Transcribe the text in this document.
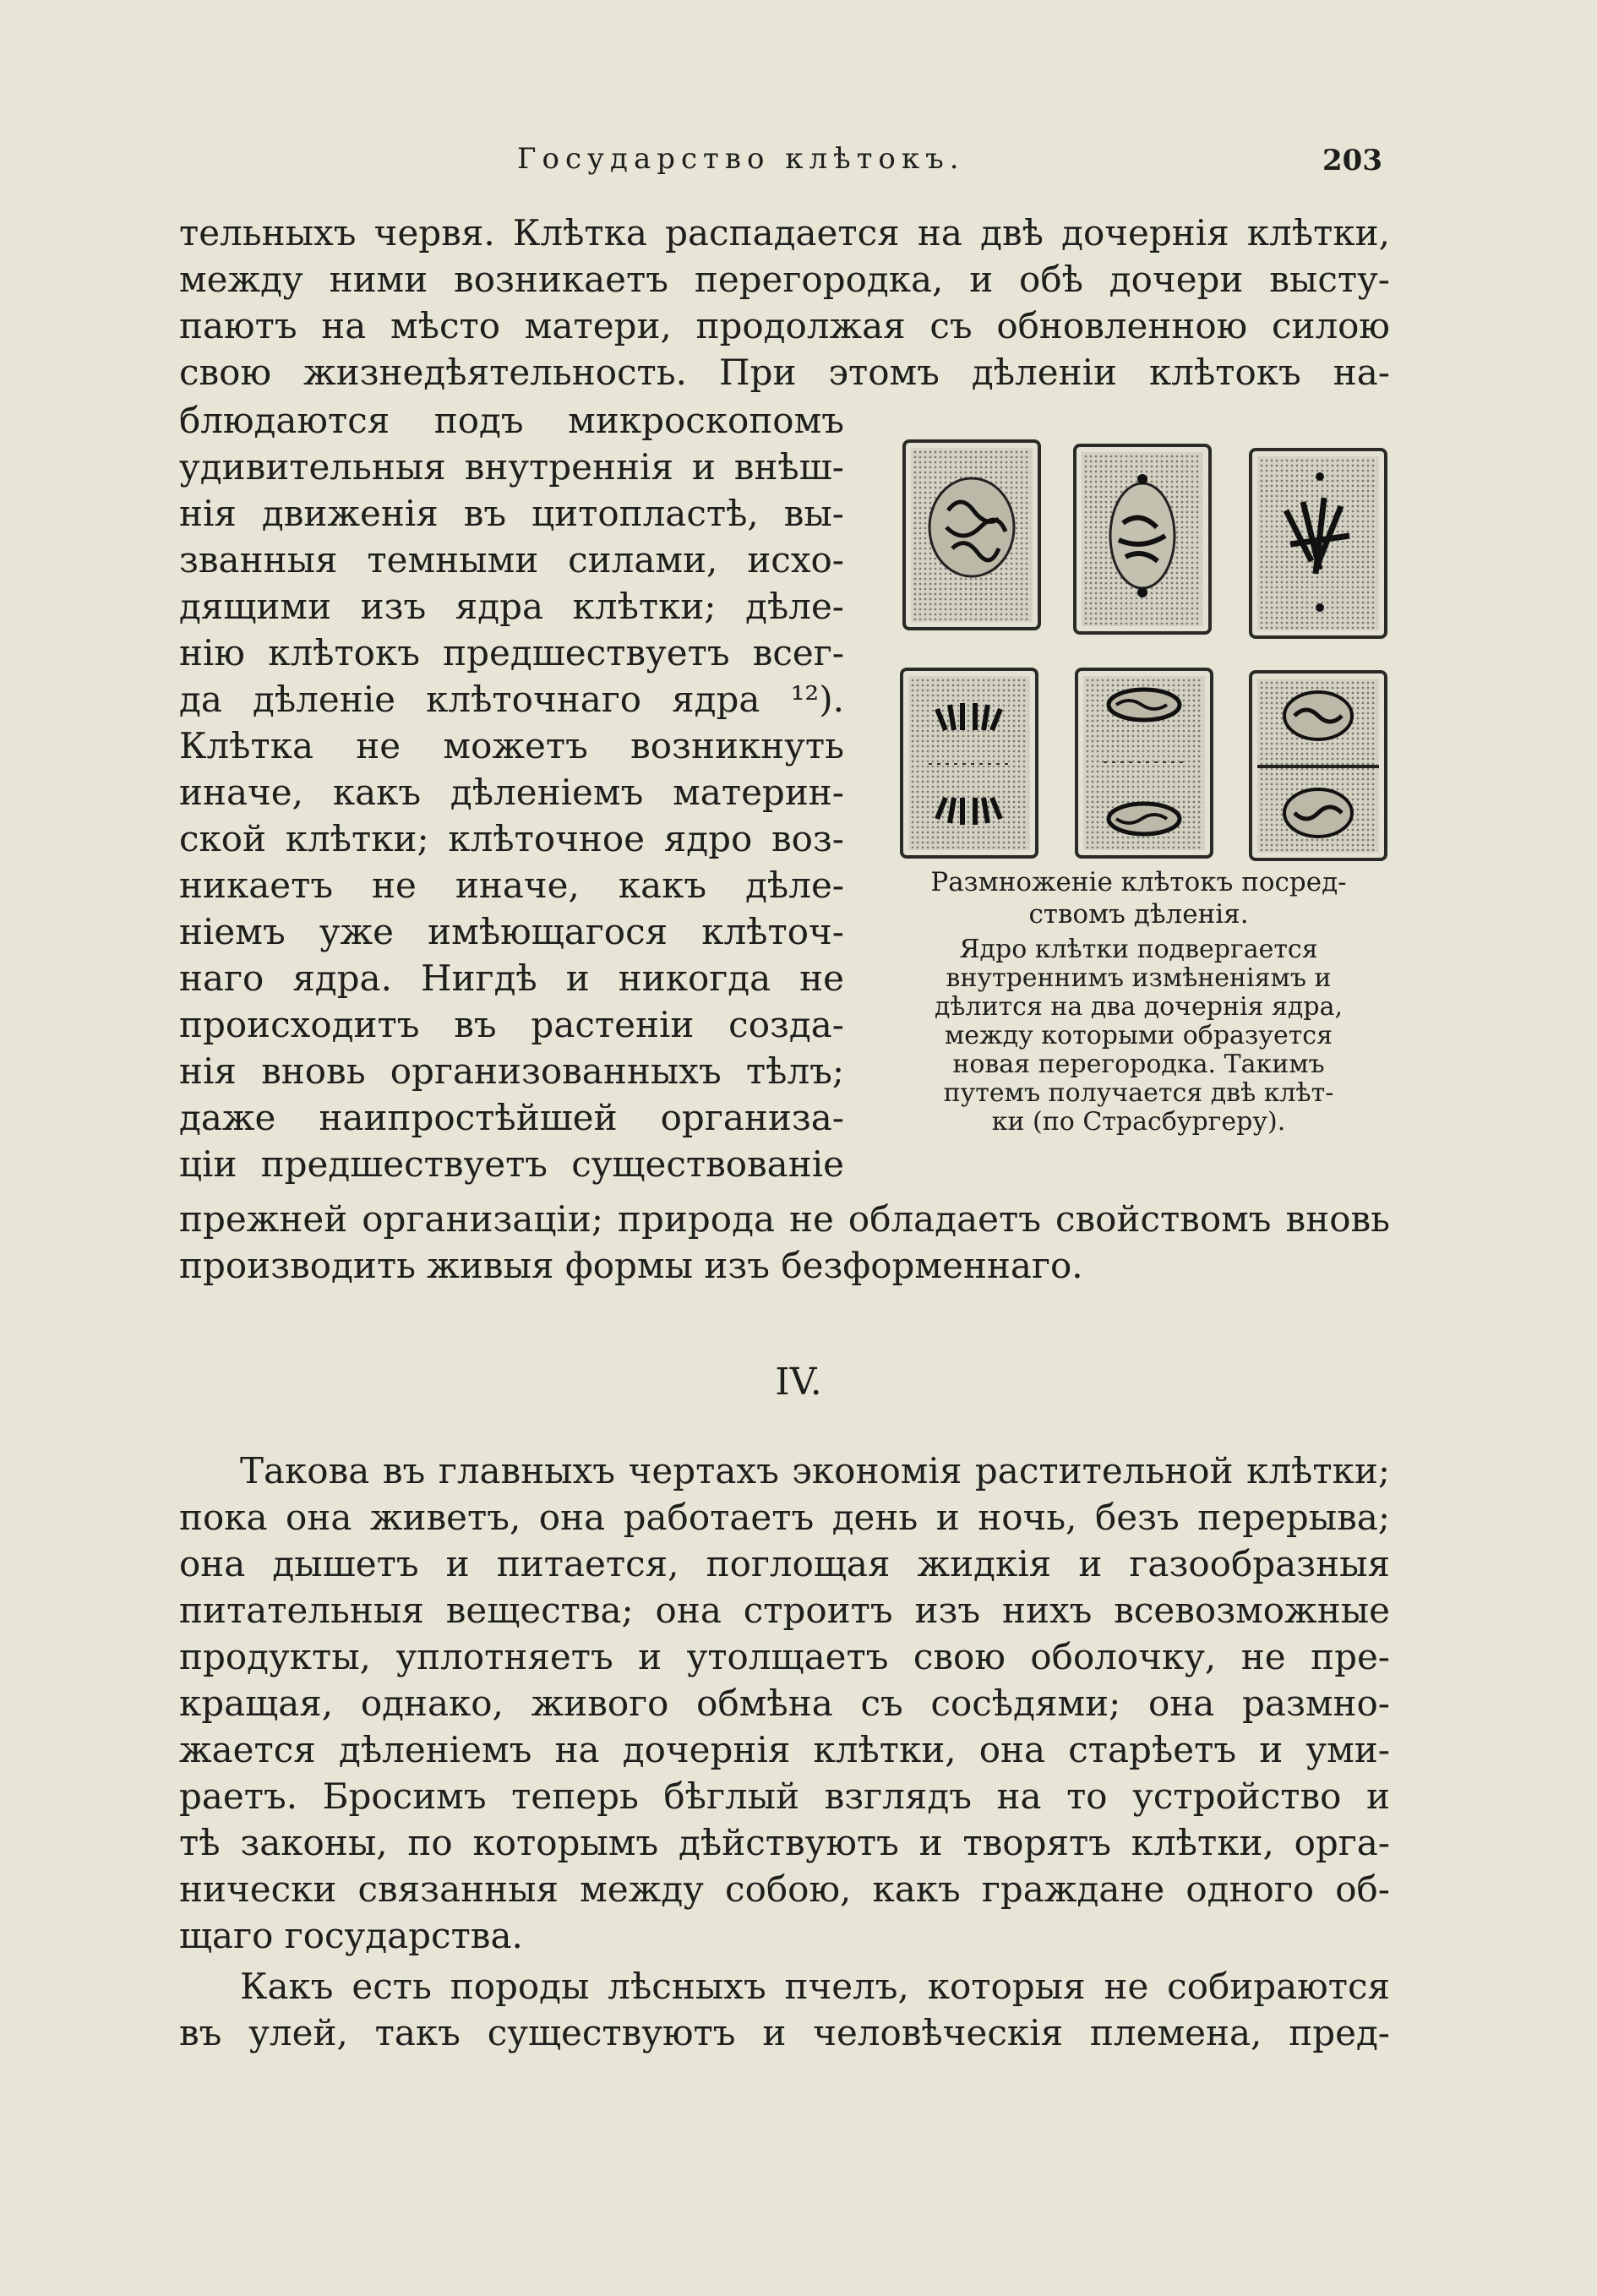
Государство клѣтокъ.	203
тельныхъ червя. Клѣтка распадается на двѣ дочернія клѣтки,
между ними возникаетъ перегородка, и обѣ дочери высту-
паютъ на мѣсто матери, продолжая съ обновленною силою
свою жизнедѣятельность. При этомъ дѣленіи клѣтокъ на-
блюдаются подъ микроскопомъ
удивительныя внутреннія и внѣш-
нія движенія въ цитопластѣ, вы-
званныя темными силами, исхо-
дящими изъ ядра клѣтки; дѣле-
нію клѣтокъ предшествуетъ всег-
да дѣленіе клѣточнаго ядра ¹²).
Клѣтка не можетъ возникнуть
иначе, какъ дѣленіемъ материн-
ской клѣтки; клѣточное ядро воз-
никаетъ не иначе, какъ дѣле-
ніемъ уже имѣющагося клѣточ-
наго ядра. Нигдѣ и никогда не
происходитъ въ растеніи созда-
нія вновь организованныхъ тѣлъ;
даже наипростѣйшей организа-
ціи предшествуетъ существованіе
Размноженіе клѣтокъ посред-
ствомъ дѣленія.
Ядро клѣтки подвергается
внутреннимъ измѣненіямъ и
дѣлится на два дочернія ядра,
между которыми образуется
новая перегородка. Такимъ
путемъ получается двѣ клѣт-
ки (по Страсбургеру).
прежней организаціи; природа не обладаетъ свойствомъ вновь
производить живыя формы изъ безформеннаго.
IV.
Такова въ главныхъ чертахъ экономія растительной клѣтки;
пока она живетъ, она работаетъ день и ночь, безъ перерыва;
она дышетъ и питается, поглощая жидкія и газообразныя
питательныя вещества; она строитъ изъ нихъ всевозможные
продукты, уплотняетъ и утолщаетъ свою оболочку, не пре-
кращая, однако, живого обмѣна съ сосѣдями; она размно-
жается дѣленіемъ на дочернія клѣтки, она старѣетъ и уми-
раетъ. Бросимъ теперь бѣглый взглядъ на то устройство и
тѣ законы, по которымъ дѣйствуютъ и творятъ клѣтки, орга-
нически связанныя между собою, какъ граждане одного об-
щаго государства.
Какъ есть породы лѣсныхъ пчелъ, которыя не собираются
въ улей, такъ существуютъ и человѣческія племена, пред-
